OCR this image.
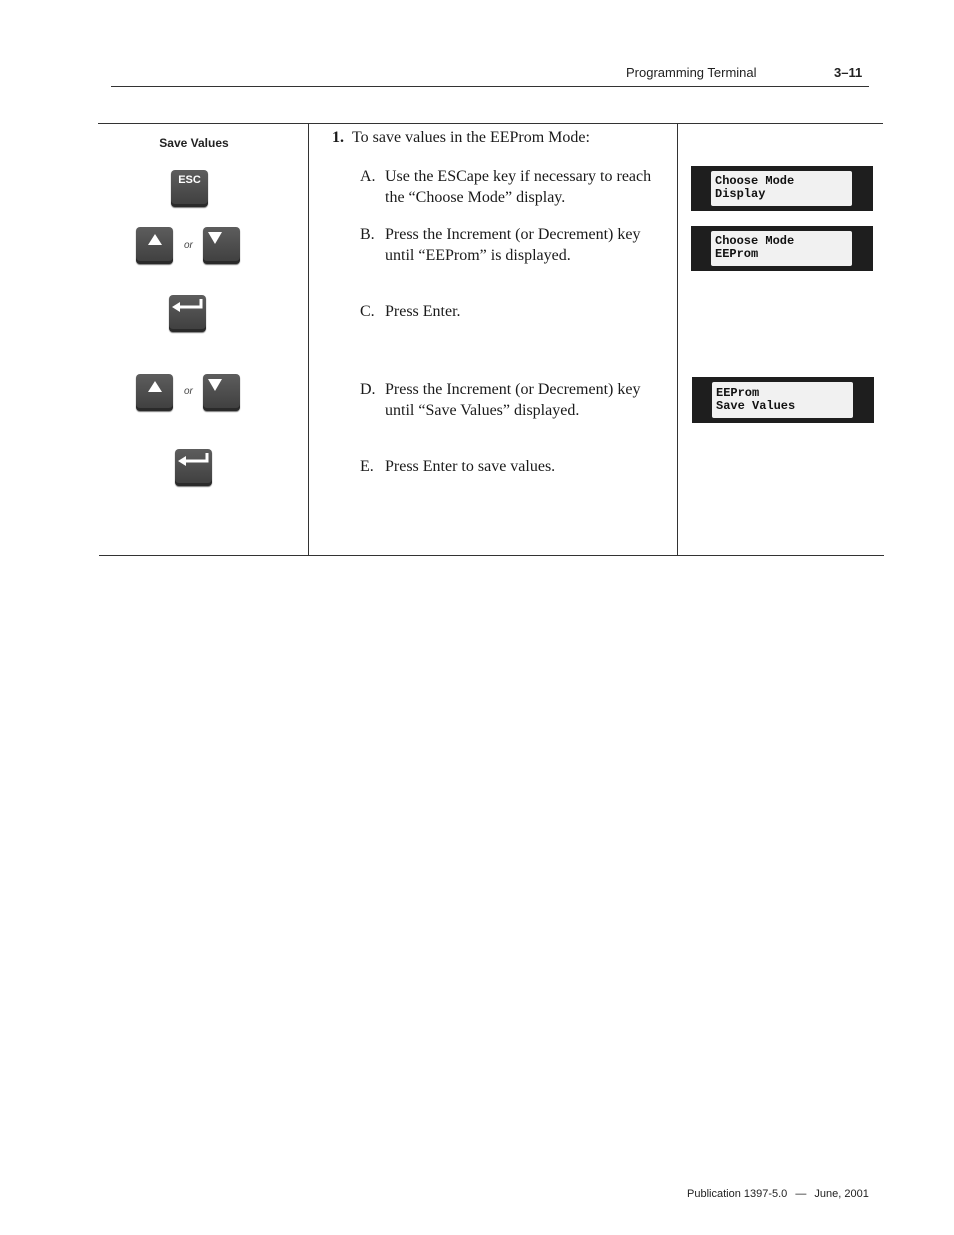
Programming Terminal	3–11
Save Values
ESC
or
or
1. To save values in the EEProm Mode:
A. Use the ESCape key if necessary to reach the “Choose Mode” display.
B. Press the Increment (or Decrement) key until “EEProm” is displayed.
C. Press Enter.
D. Press the Increment (or Decrement) key until “Save Values” displayed.
E. Press Enter to save values.
Choose Mode
Display
Choose Mode
EEProm
EEProm
Save Values
Publication 1397-5.0 — June, 2001
